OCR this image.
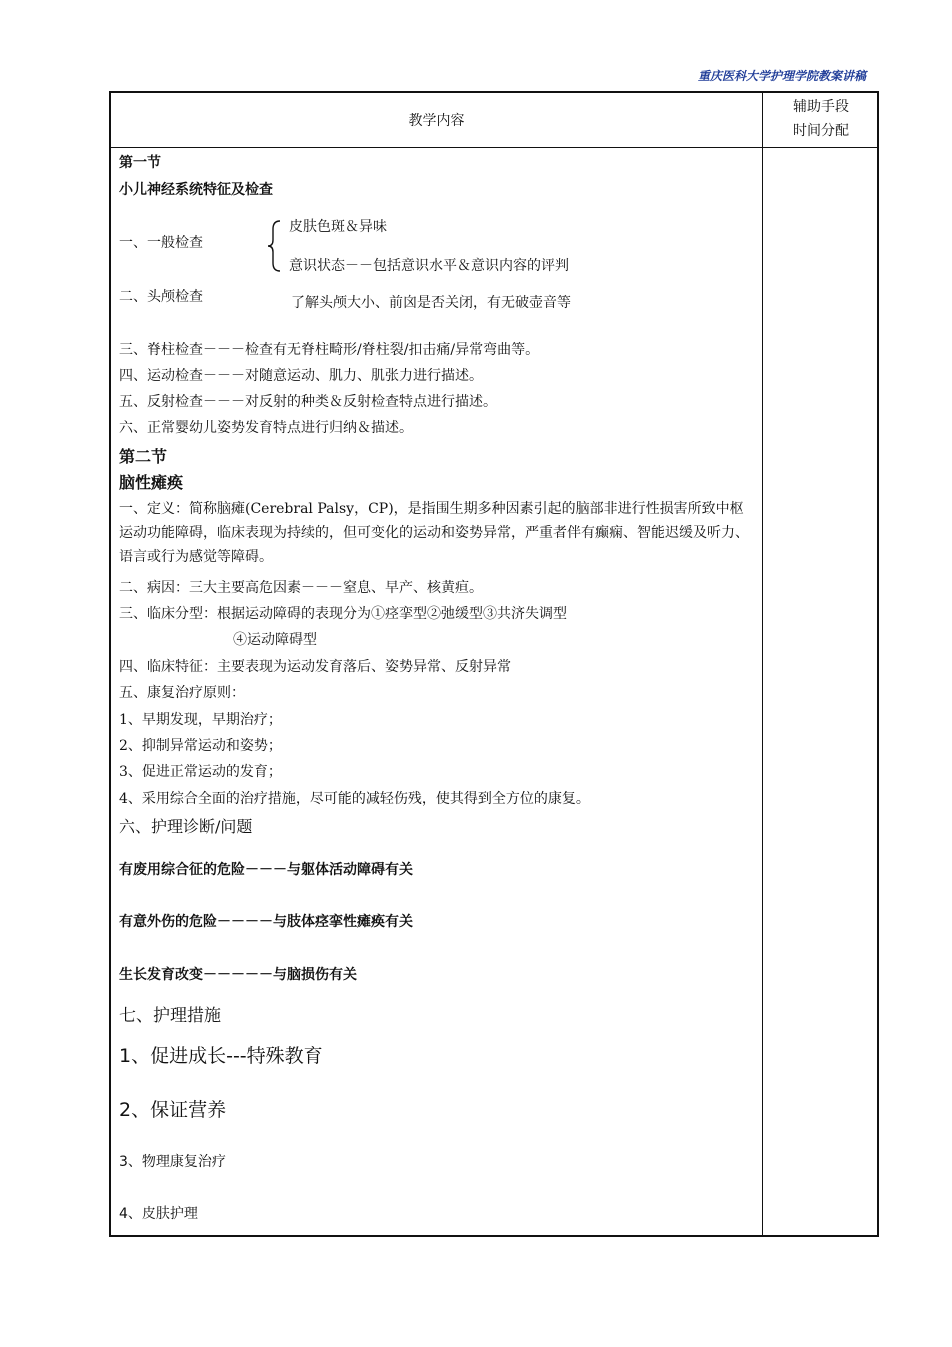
重庆医科大学护理学院教案讲稿
教学内容
辅助手段
时间分配
第一节
小儿神经系统特征及检查
一、一般检查
皮肤色斑＆异味
意识状态－－包括意识水平＆意识内容的评判
二、头颅检查	了解头颅大小、前囟是否关闭，有无破壶音等
三、脊柱检查－－－检查有无脊柱畸形/脊柱裂/扣击痛/异常弯曲等。
四、运动检查－－－对随意运动、肌力、肌张力进行描述。
五、反射检查－－－对反射的种类＆反射检查特点进行描述。
六、正常婴幼儿姿势发育特点进行归纳＆描述。
第二节
脑性瘫痪
一、定义：简称脑瘫(Cerebral Palsy，CP)，是指围生期多种因素引起的脑部非进行性损害所致中枢运动功能障碍，临床表现为持续的，但可变化的运动和姿势异常，严重者伴有癫痫、智能迟缓及听力、语言或行为感觉等障碍。
二、病因：三大主要高危因素－－－窒息、早产、核黄疸。
三、临床分型：根据运动障碍的表现分为①痉挛型②弛缓型③共济失调型
④运动障碍型
四、临床特征：主要表现为运动发育落后、姿势异常、反射异常
五、康复治疗原则：
1、早期发现，早期治疗；
2、抑制异常运动和姿势；
3、促进正常运动的发育；
4、采用综合全面的治疗措施，尽可能的减轻伤残，使其得到全方位的康复。
六、护理诊断/问题
有废用综合征的危险－－－与躯体活动障碍有关
有意外伤的危险－－－－与肢体痉挛性瘫痪有关
生长发育改变－－－－－与脑损伤有关
七、护理措施
1、促进成长---特殊教育
2、保证营养
3、物理康复治疗
4、皮肤护理
